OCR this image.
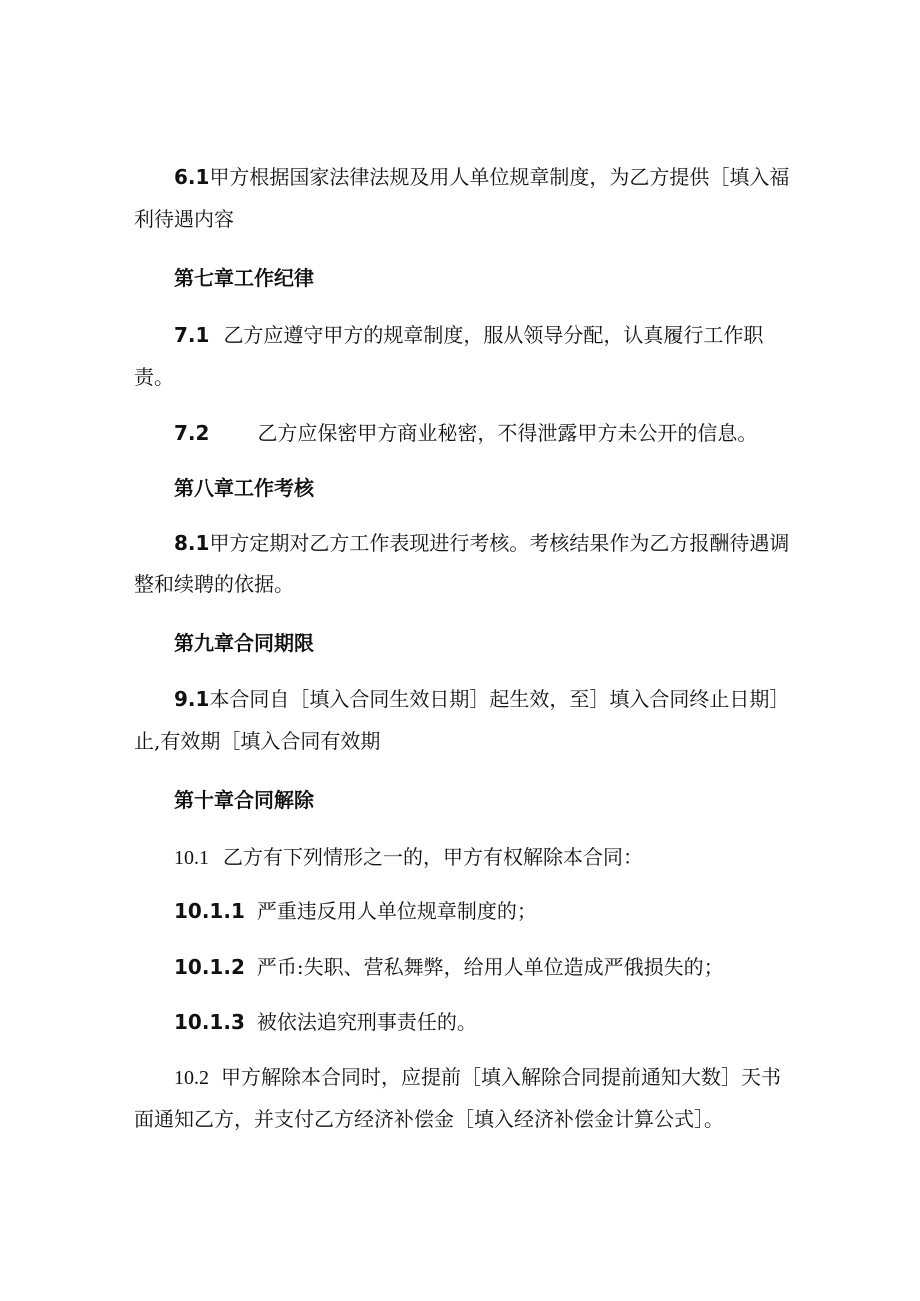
6.1甲方根据国家法律法规及用人单位规章制度，为乙方提供［填入福
利待遇内容
第七章工作纪律
7.1 乙方应遵守甲方的规章制度，服从领导分配，认真履行工作职
责。
7.2 乙方应保密甲方商业秘密，不得泄露甲方未公开的信息。
第八章工作考核
8.1甲方定期对乙方工作表现进行考核。考核结果作为乙方报酬待遇调
整和续聘的依据。
第九章合同期限
9.1本合同自［填入合同生效日期］起生效，至］填入合同终止日期］
止,有效期［填入合同有效期
第十章合同解除
10.1 乙方有下列情形之一的，甲方有权解除本合同：
10.1.1 严重违反用人单位规章制度的；
10.1.2 严币:失职、营私舞弊，给用人单位造成严俄损失的；
10.1.3 被依法追究刑事责任的。
10.2 甲方解除本合同时，应提前［填入解除合同提前通知大数］天书
面通知乙方，并支付乙方经济补偿金［填入经济补偿金计算公式］。
